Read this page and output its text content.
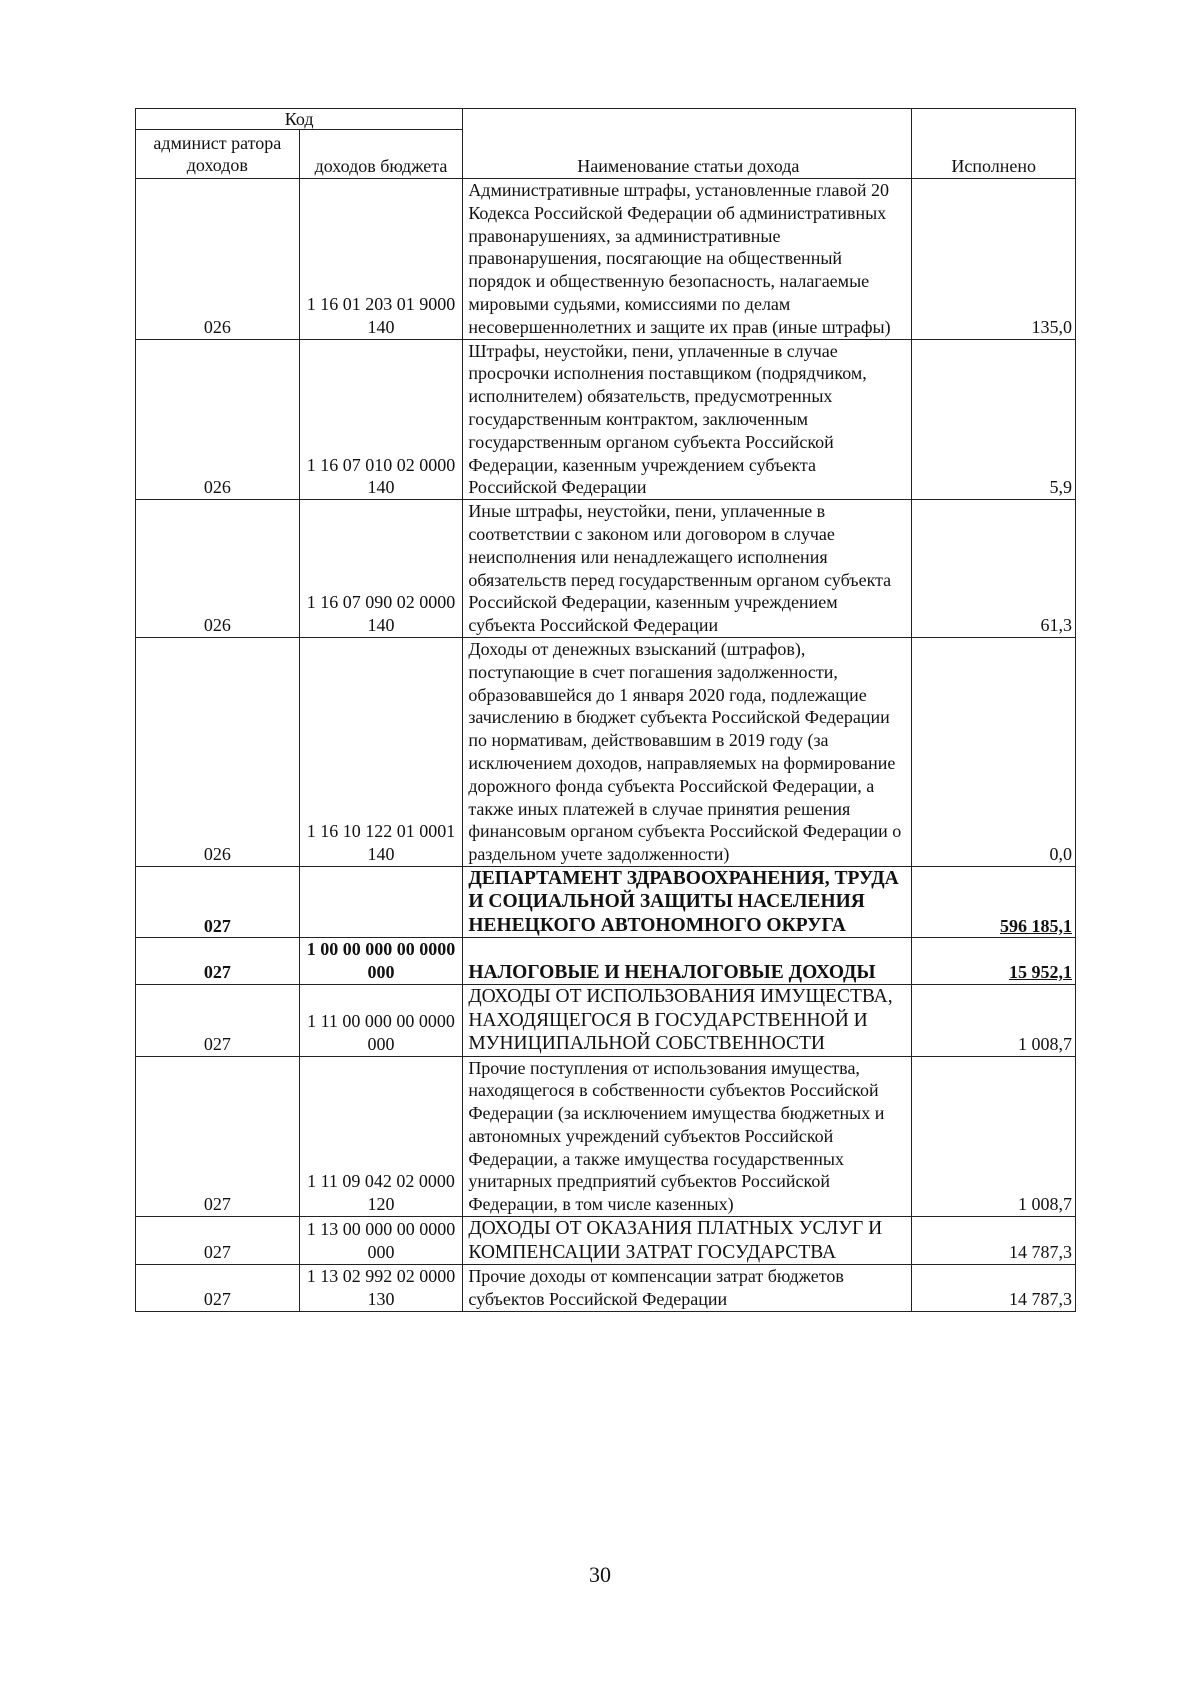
Код		Наименование статьи дохода	Исполнено
админист ратора доходов	доходов бюджета		
026	1 16 01 203 01 9000 140	Административные штрафы, установленные главой 20 Кодекса Российской Федерации об административных правонарушениях, за административные правонарушения, посягающие на общественный порядок и общественную безопасность, налагаемые мировыми судьями, комиссиями по делам несовершеннолетних и защите их прав (иные штрафы)	135,0
026	1 16 07 010 02 0000 140	Штрафы, неустойки, пени, уплаченные в случае просрочки исполнения поставщиком (подрядчиком, исполнителем) обязательств, предусмотренных государственным контрактом, заключенным государственным органом субъекта Российской Федерации, казенным учреждением субъекта Российской Федерации	5,9
026	1 16 07 090 02 0000 140	Иные штрафы, неустойки, пени, уплаченные в соответствии с законом или договором в случае неисполнения или ненадлежащего исполнения обязательств перед государственным органом субъекта Российской Федерации, казенным учреждением субъекта Российской Федерации	61,3
026	1 16 10 122 01 0001 140	Доходы от денежных взысканий (штрафов), поступающие в счет погашения задолженности, образовавшейся до 1 января 2020 года, подлежащие зачислению в бюджет субъекта Российской Федерации по нормативам, действовавшим в 2019 году (за исключением доходов, направляемых на формирование дорожного фонда субъекта Российской Федерации, а также иных платежей в случае принятия решения финансовым органом субъекта Российской Федерации о раздельном учете задолженности)	0,0
027		ДЕПАРТАМЕНТ ЗДРАВООХРАНЕНИЯ, ТРУДА И СОЦИАЛЬНОЙ ЗАЩИТЫ НАСЕЛЕНИЯ НЕНЕЦКОГО АВТОНОМНОГО ОКРУГА	596 185,1
027	1 00 00 000 00 0000 000	НАЛОГОВЫЕ И НЕНАЛОГОВЫЕ ДОХОДЫ	15 952,1
027	1 11 00 000 00 0000 000	ДОХОДЫ ОТ ИСПОЛЬЗОВАНИЯ ИМУЩЕСТВА, НАХОДЯЩЕГОСЯ В ГОСУДАРСТВЕННОЙ И МУНИЦИПАЛЬНОЙ СОБСТВЕННОСТИ	1 008,7
027	1 11 09 042 02 0000 120	Прочие поступления от использования имущества, находящегося в собственности субъектов Российской Федерации (за исключением имущества бюджетных и автономных учреждений субъектов Российской Федерации, а также имущества государственных унитарных предприятий субъектов Российской Федерации, в том числе казенных)	1 008,7
027	1 13 00 000 00 0000 000	ДОХОДЫ ОТ ОКАЗАНИЯ ПЛАТНЫХ УСЛУГ И КОМПЕНСАЦИИ ЗАТРАТ ГОСУДАРСТВА	14 787,3
027	1 13 02 992 02 0000 130	Прочие доходы от компенсации затрат бюджетов субъектов Российской Федерации	14 787,3
30
